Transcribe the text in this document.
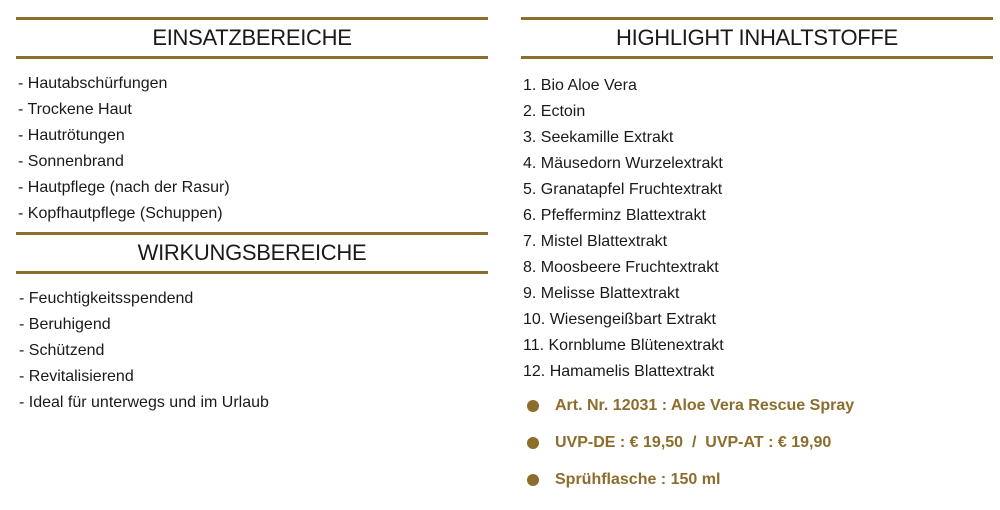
EINSATZBEREICHE
- Hautabschürfungen
- Trockene Haut
- Hautrötungen
- Sonnenbrand
- Hautpflege (nach der Rasur)
- Kopfhautpflege (Schuppen)
WIRKUNGSBEREICHE
- Feuchtigkeitsspendend
- Beruhigend
- Schützend
- Revitalisierend
- Ideal für unterwegs und im Urlaub
HIGHLIGHT INHALTSTOFFE
1. Bio Aloe Vera
2. Ectoin
3. Seekamille Extrakt
4. Mäusedorn Wurzelextrakt
5. Granatapfel Fruchtextrakt
6. Pfefferminz Blattextrakt
7. Mistel Blattextrakt
8. Moosbeere Fruchtextrakt
9. Melisse Blattextrakt
10. Wiesengeißbart Extrakt
11. Kornblume Blütenextrakt
12. Hamamelis Blattextrakt
Art. Nr. 12031 : Aloe Vera Rescue Spray
UVP-DE : € 19,50  /  UVP-AT : € 19,90
Sprühflasche : 150 ml
